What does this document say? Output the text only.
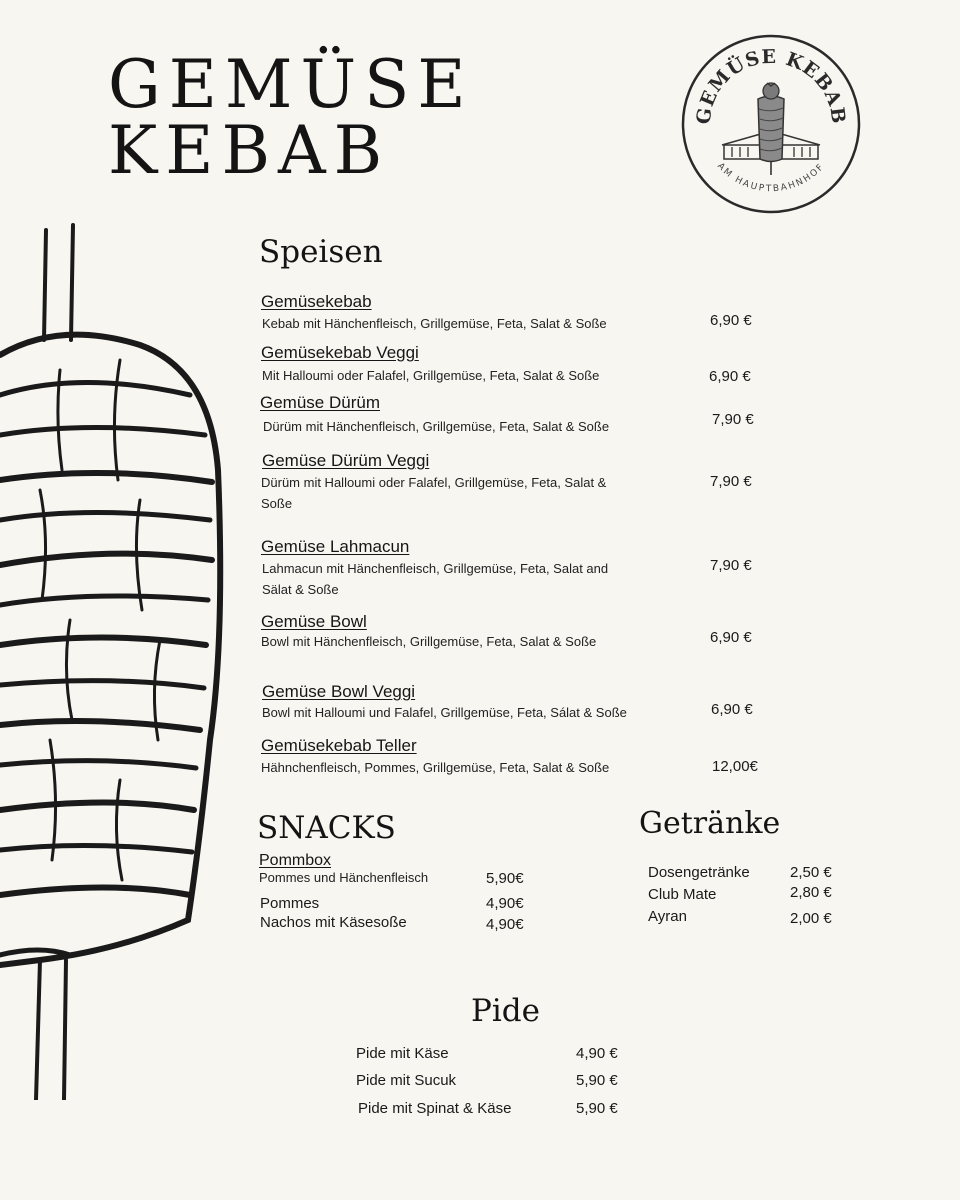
GEMÜSE
KEBAB	GEMÜSE KEBAB
AM HAUPTBAHNHOF
Speisen
Gemüsekebab
Kebab mit Hänchenfleisch, Grillgemüse, Feta, Salat & Soße	6,90 €
Gemüsekebab Veggi
Mit Halloumi oder Falafel, Grillgemüse, Feta, Salat & Soße	6,90 €
Gemüse Dürüm
Dürüm mit Hänchenfleisch, Grillgemüse, Feta, Salat & Soße	7,90 €
Gemüse Dürüm Veggi
Dürüm mit Halloumi oder Falafel, Grillgemüse, Feta, Salat & Soße
7,90 €
Gemüse Lahmacun
Lahmacun mit Hänchenfleisch, Grillgemüse, Feta, Salat and Sälat & Soße
7,90 €
Gemüse Bowl
Bowl mit Hänchenfleisch, Grillgemüse, Feta, Salat & Soße	6,90 €
Gemüse Bowl Veggi
Bowl mit Halloumi und Falafel, Grillgemüse, Feta, Sálat & Soße	6,90 €
Gemüsekebab Teller
Hähnchenfleisch, Pommes, Grillgemüse, Feta, Salat & Soße	12,00€
SNACKS
Pommbox
Pommes und Hänchenfleisch	5,90€
Pommes	4,90€
Nachos mit Käsesoße	4,90€
Getränke
Dosengetränke	2,50 €
Club Mate	2,80 €
Ayran	2,00 €
Pide
Pide mit Käse	4,90 €
Pide mit Sucuk	5,90 €
Pide mit Spinat & Käse	5,90 €
